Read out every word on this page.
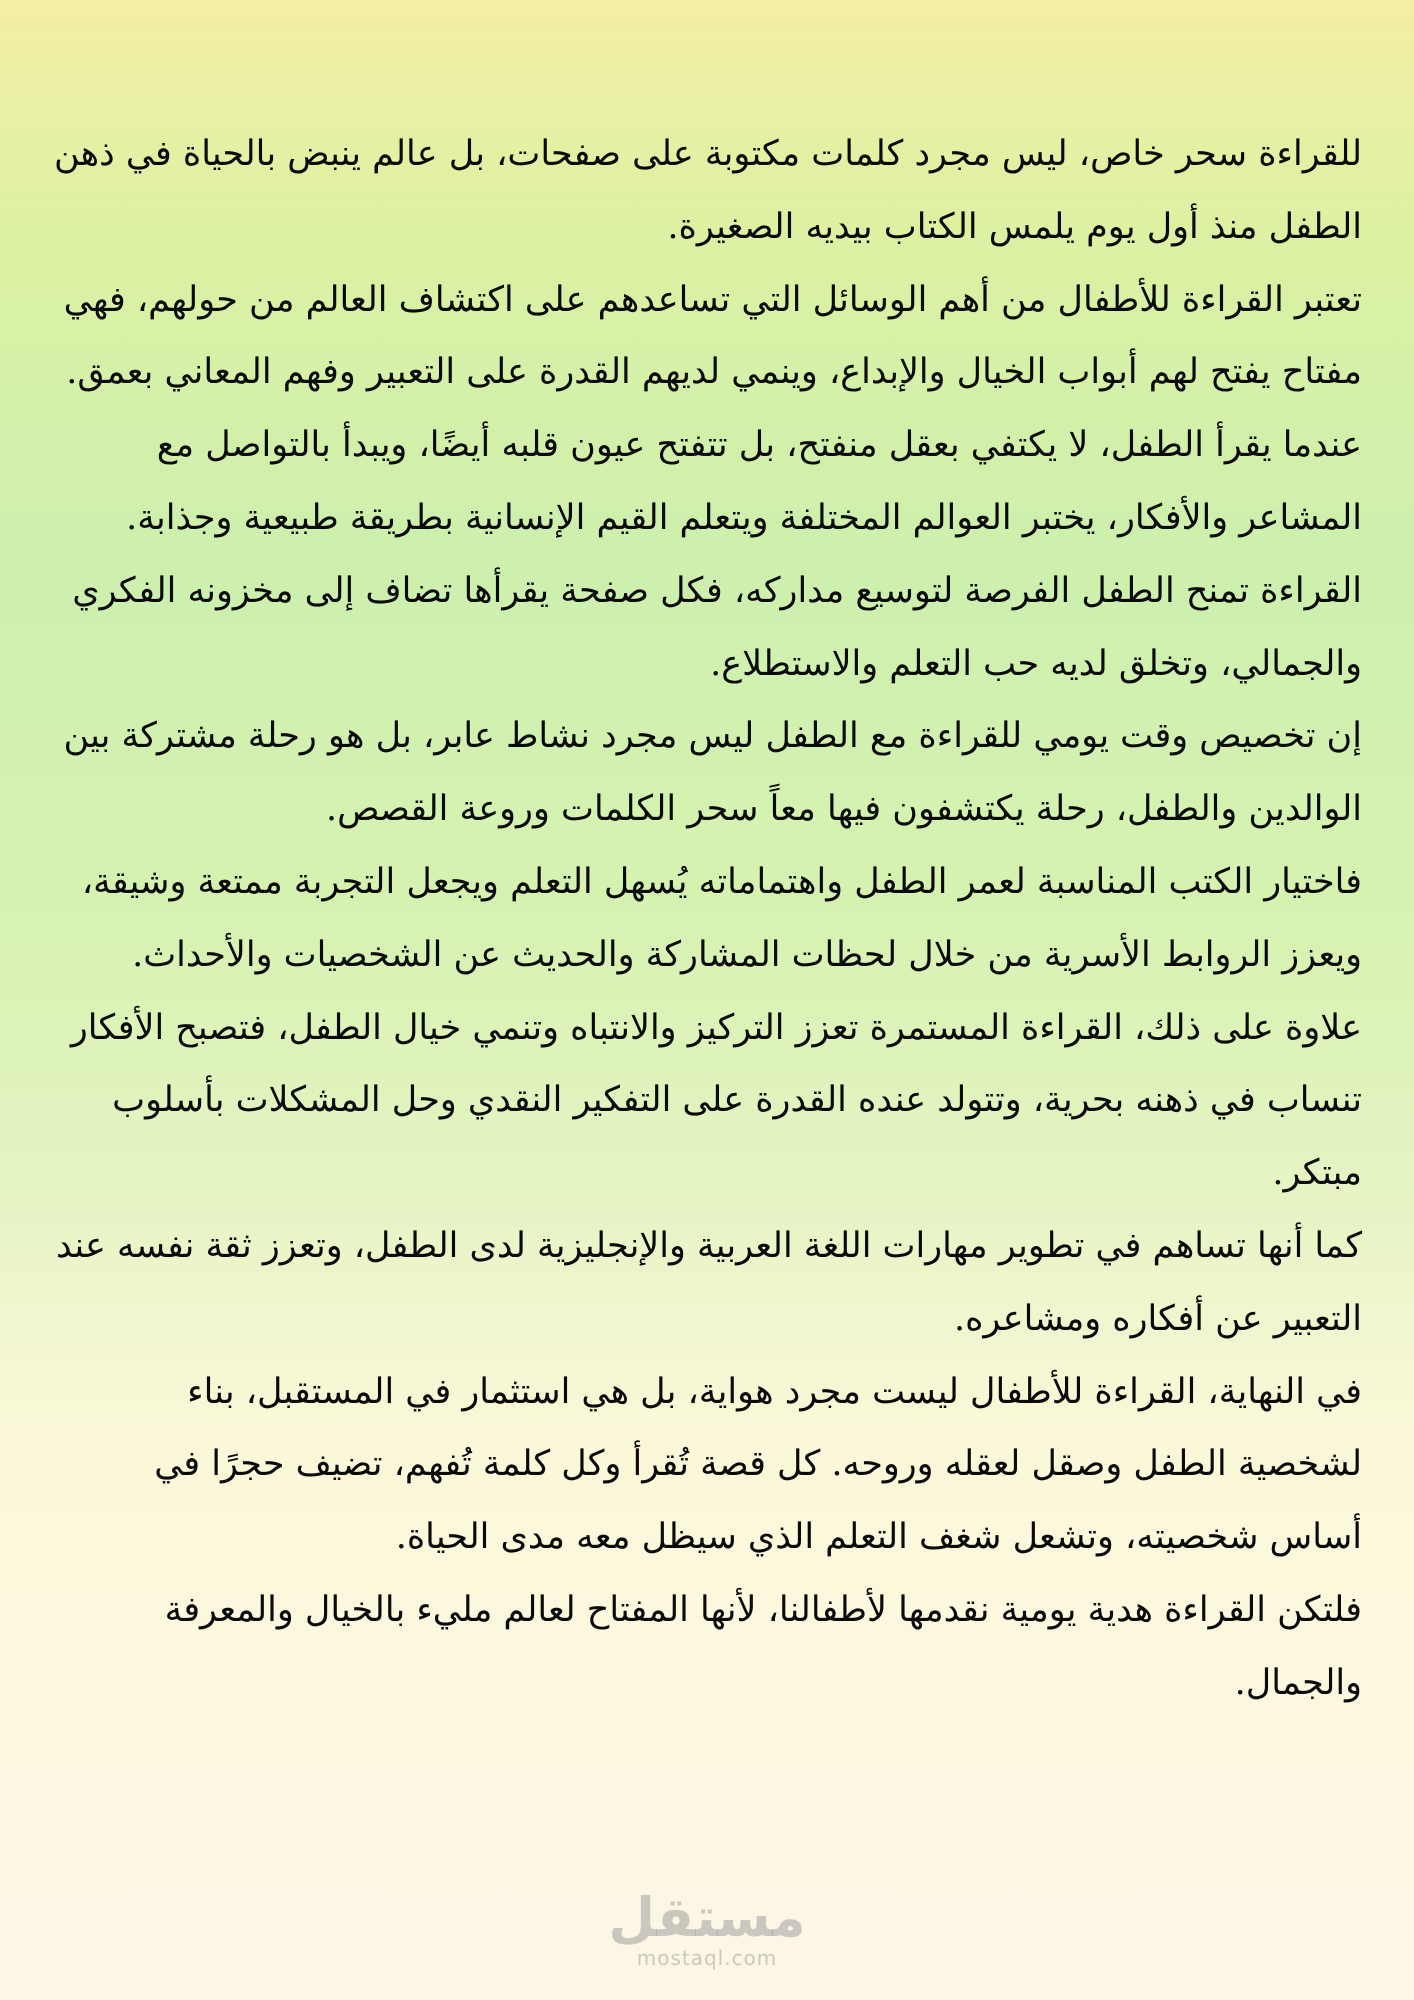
للقراءة سحر خاص، ليس مجرد كلمات مكتوبة على صفحات، بل عالم ينبض بالحياة في ذهن الطفل منذ أول يوم يلمس الكتاب بيديه الصغيرة.

تعتبر القراءة للأطفال من أهم الوسائل التي تساعدهم على اكتشاف العالم من حولهم، فهي مفتاح يفتح لهم أبواب الخيال والإبداع، وينمي لديهم القدرة على التعبير وفهم المعاني بعمق.

عندما يقرأ الطفل، لا يكتفي بعقل منفتح، بل تتفتح عيون قلبه أيضًا، ويبدأ بالتواصل مع المشاعر والأفكار، يختبر العوالم المختلفة ويتعلم القيم الإنسانية بطريقة طبيعية وجذابة.

القراءة تمنح الطفل الفرصة لتوسيع مداركه، فكل صفحة يقرأها تضاف إلى مخزونه الفكري والجمالي، وتخلق لديه حب التعلم والاستطلاع.

إن تخصيص وقت يومي للقراءة مع الطفل ليس مجرد نشاط عابر، بل هو رحلة مشتركة بين الوالدين والطفل، رحلة يكتشفون فيها معاً سحر الكلمات وروعة القصص.

فاختيار الكتب المناسبة لعمر الطفل واهتماماته يُسهل التعلم ويجعل التجربة ممتعة وشيقة، ويعزز الروابط الأسرية من خلال لحظات المشاركة والحديث عن الشخصيات والأحداث.

علاوة على ذلك، القراءة المستمرة تعزز التركيز والانتباه وتنمي خيال الطفل، فتصبح الأفكار تنساب في ذهنه بحرية، وتتولد عنده القدرة على التفكير النقدي وحل المشكلات بأسلوب مبتكر.

كما أنها تساهم في تطوير مهارات اللغة العربية والإنجليزية لدى الطفل، وتعزز ثقة نفسه عند التعبير عن أفكاره ومشاعره.

في النهاية، القراءة للأطفال ليست مجرد هواية، بل هي استثمار في المستقبل، بناء لشخصية الطفل وصقل لعقله وروحه. كل قصة تُقرأ وكل كلمة تُفهم، تضيف حجرًا في أساس شخصيته، وتشعل شغف التعلم الذي سيظل معه مدى الحياة.

فلتكن القراءة هدية يومية نقدمها لأطفالنا، لأنها المفتاح لعالم مليء بالخيال والمعرفة والجمال.

مستقل
mostaql.com
